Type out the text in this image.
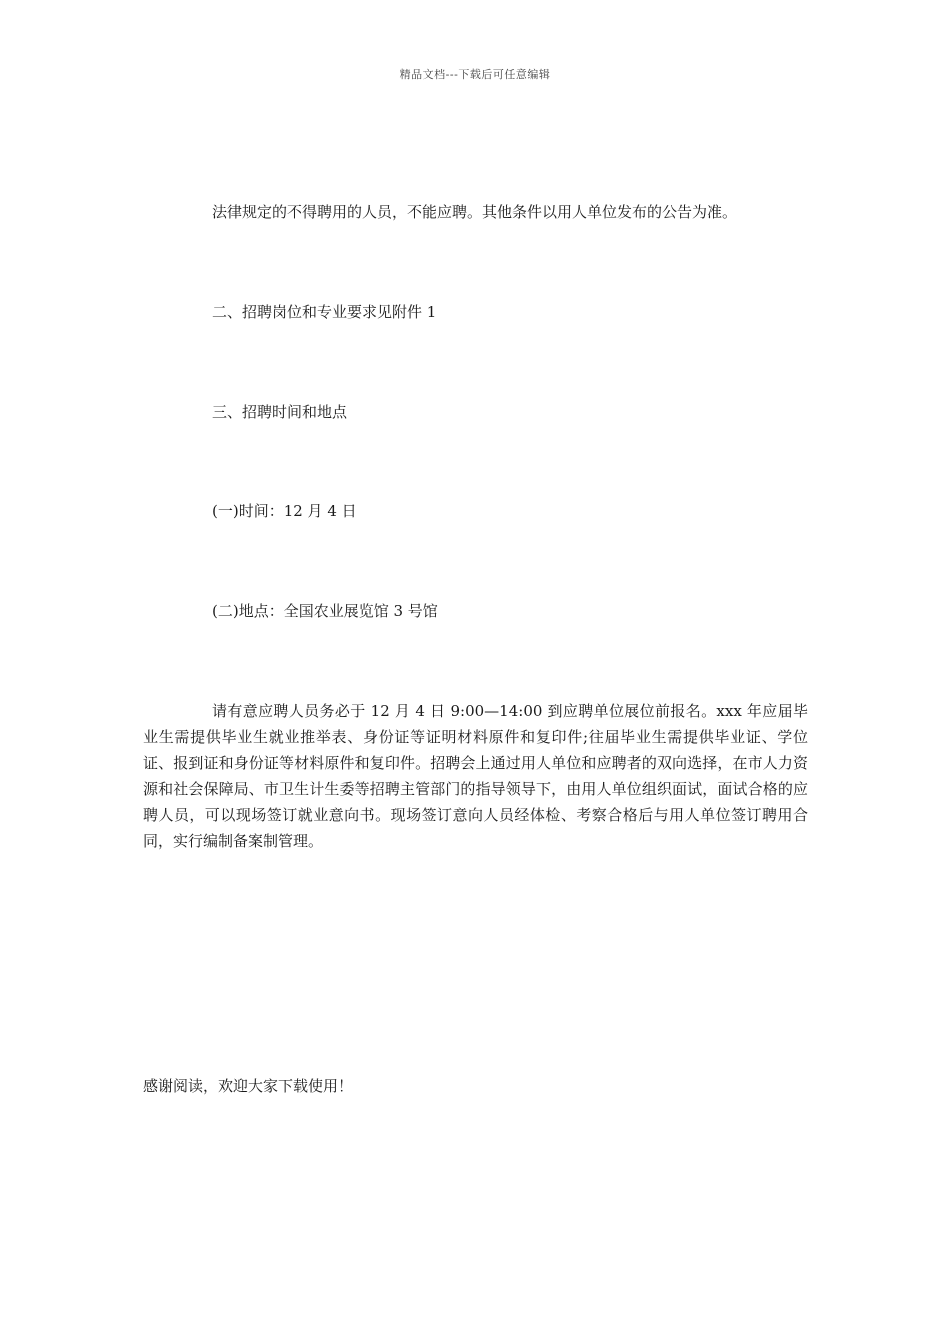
精品文档---下载后可任意编辑
法律规定的不得聘用的人员，不能应聘。其他条件以用人单位发布的公告为准。
二、招聘岗位和专业要求见附件 1
三、招聘时间和地点
(一)时间：12 月 4 日
(二)地点：全国农业展览馆 3 号馆
请有意应聘人员务必于 12 月 4 日 9:00—14:00 到应聘单位展位前报名。xxx 年应届毕业生需提供毕业生就业推举表、身份证等证明材料原件和复印件;往届毕业生需提供毕业证、学位证、报到证和身份证等材料原件和复印件。招聘会上通过用人单位和应聘者的双向选择，在市人力资源和社会保障局、市卫生计生委等招聘主管部门的指导领导下，由用人单位组织面试，面试合格的应聘人员，可以现场签订就业意向书。现场签订意向人员经体检、考察合格后与用人单位签订聘用合同，实行编制备案制管理。
感谢阅读，欢迎大家下载使用！
